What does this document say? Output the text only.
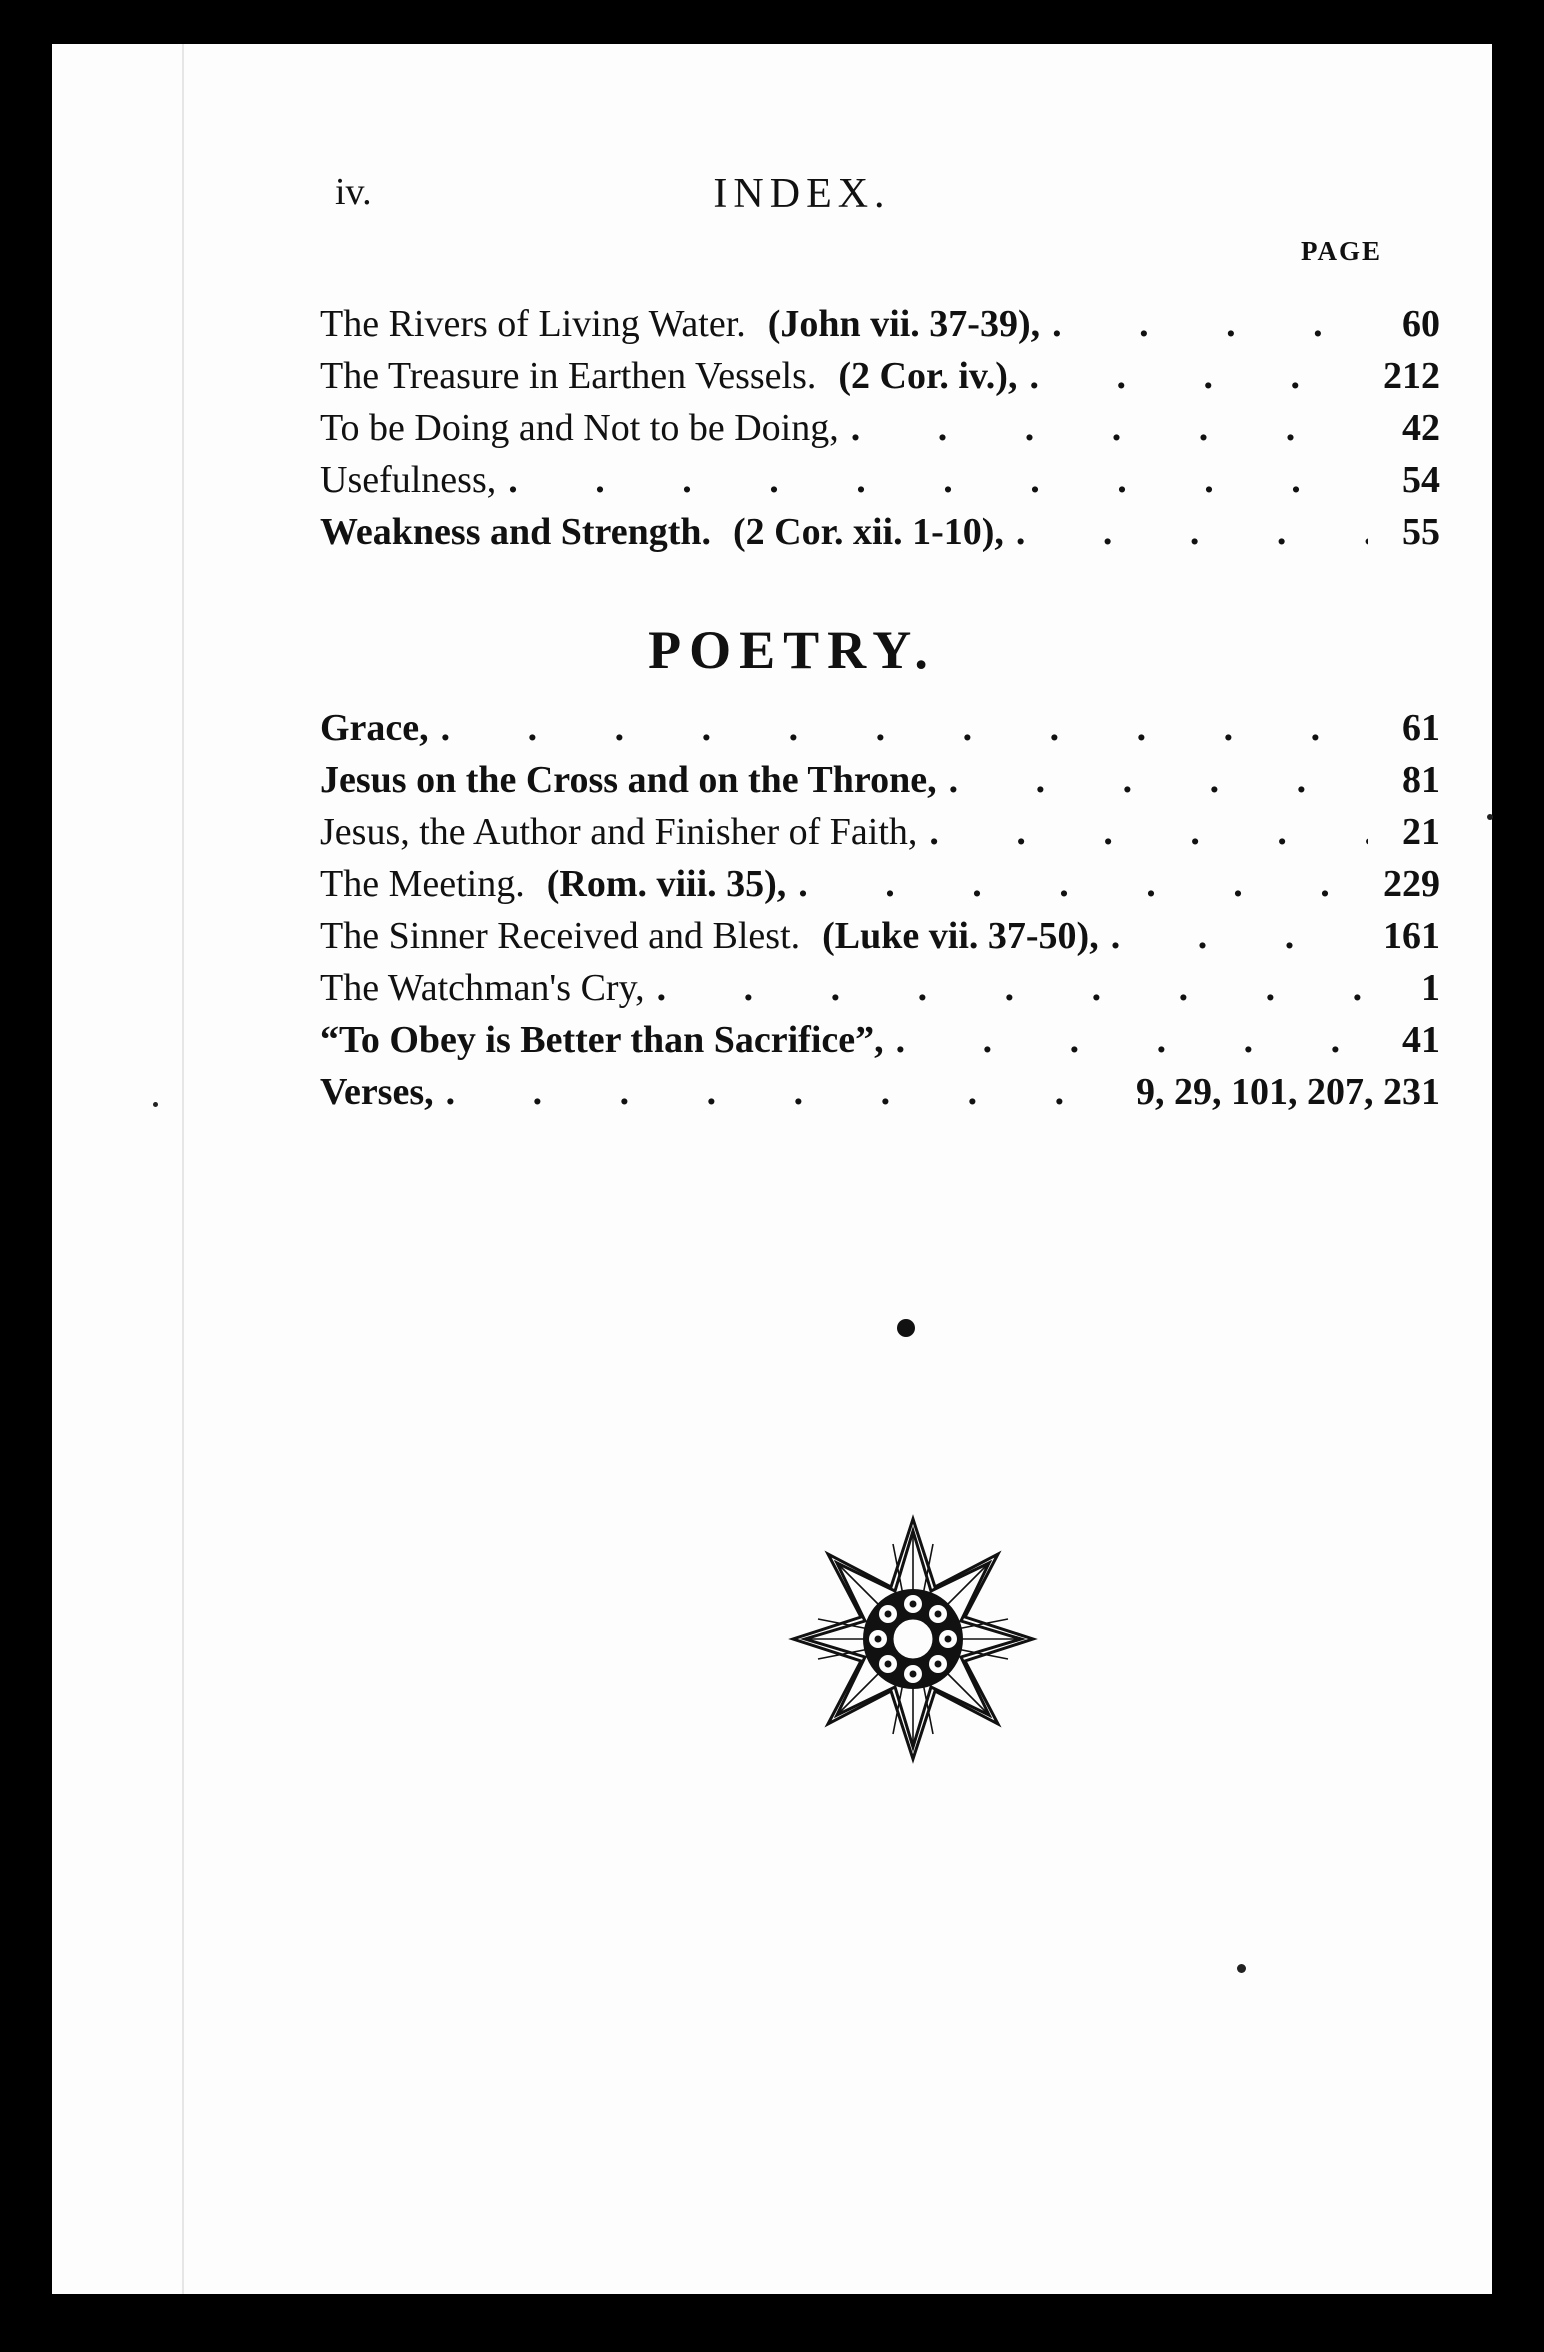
iv.	INDEX.
PAGE
The Rivers of Living Water. (John vii. 37-39), . . .	60
The Treasure in Earthen Vessels. (2 Cor. iv.), . . .	212
To be Doing and Not to be Doing, . . .	42
Usefulness, . . .	54
Weakness and Strength. (2 Cor. xii. 1-10), . . .	55
POETRY.
Grace, . . .	61
Jesus on the Cross and on the Throne, . . .	81
Jesus, the Author and Finisher of Faith, . . .	21
The Meeting. (Rom. viii. 35), . . .	229
The Sinner Received and Blest. (Luke vii. 37-50), . . .	161
The Watchman's Cry, . . .	1
“To Obey is Better than Sacrifice”, . . .	41
Verses, . . .	9, 29, 101, 207, 231
